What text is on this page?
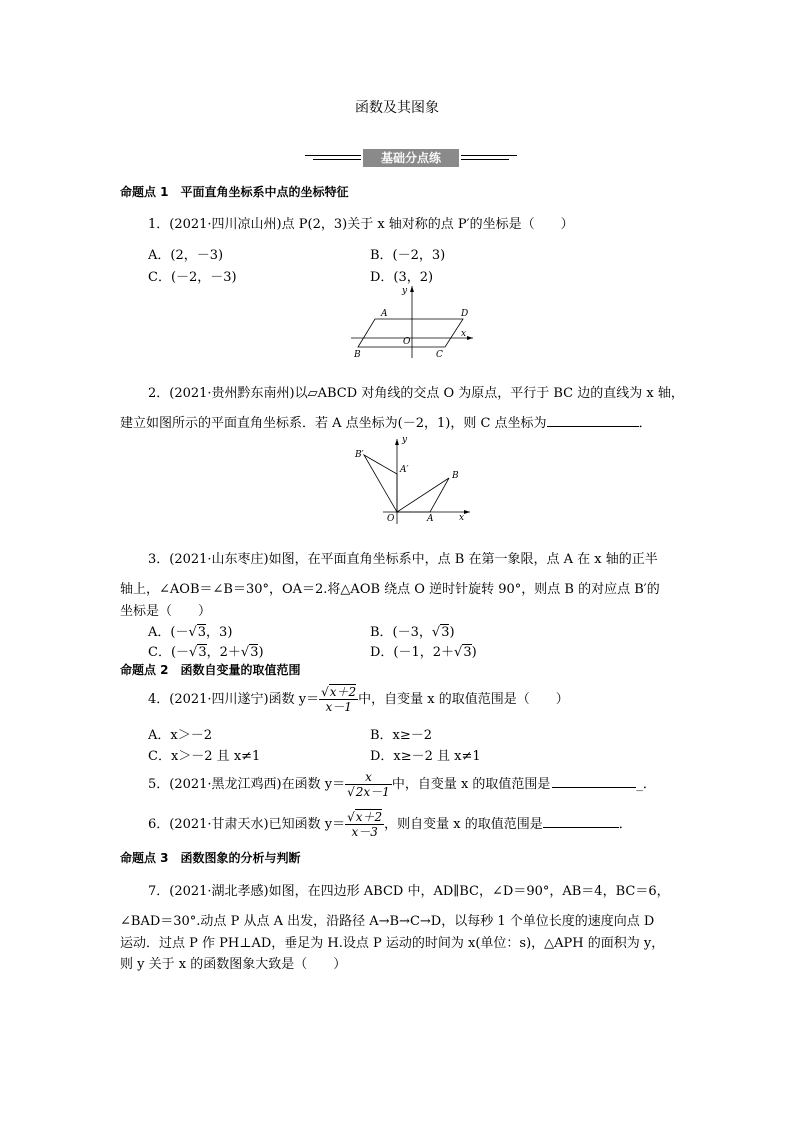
函数及其图象
基础分点练
命题点 1　平面直角坐标系中点的坐标特征
1．(2021·四川凉山州)点 P(2，3)关于 x 轴对称的点 P′的坐标是（　　）
A．(2，－3)	B．(－2，3)
C．(－2，－3)	D．(3，2)
y
x
A	D
O
B	C
2．(2021·贵州黔东南州)以▱ABCD 对角线的交点 O 为原点，平行于 BC 边的直线为 x 轴，
建立如图所示的平面直角坐标系．若 A 点坐标为(－2，1)，则 C 点坐标为	．
y
x
B′
A′
B
O	A
3．(2021·山东枣庄)如图，在平面直角坐标系中，点 B 在第一象限，点 A 在 x 轴的正半
轴上，∠AOB＝∠B＝30°，OA＝2.将△AOB 绕点 O 逆时针旋转 90°，则点 B 的对应点 B′的
坐标是（　　）
A．(－√3，3)	B．(－3，√3)
C．(－√3，2＋√3)	D．(－1，2＋√3)
命题点 2　函数自变量的取值范围
4．(2021·四川遂宁)函数 $y= \frac{√x+2}{x-1}$ 中，自变量 x 的取值范围是（　　）
A．x＞－2	B．x≥－2
C．x＞－2 且 x≠1	D．x≥－2 且 x≠1
5．(2021·黑龙江鸡西)在函数 $y= \frac{x}{√2x-1}$ 中，自变量 x 的取值范围是	_．
6．(2021·甘肃天水)已知函数 $y= \frac{√x+2}{x-3}$ ，则自变量 x 的取值范围是	．
命题点 3　函数图象的分析与判断
7．(2021·湖北孝感)如图，在四边形 ABCD 中，AD∥BC，∠D＝90°，AB＝4，BC＝6，
∠BAD＝30°.动点 P 从点 A 出发，沿路径 A→B→C→D，以每秒 1 个单位长度的速度向点 D
运动．过点 P 作 PH⊥AD，垂足为 H.设点 P 运动的时间为 x(单位：s)，△APH 的面积为 y，
则 y 关于 x 的函数图象大致是（　　）
